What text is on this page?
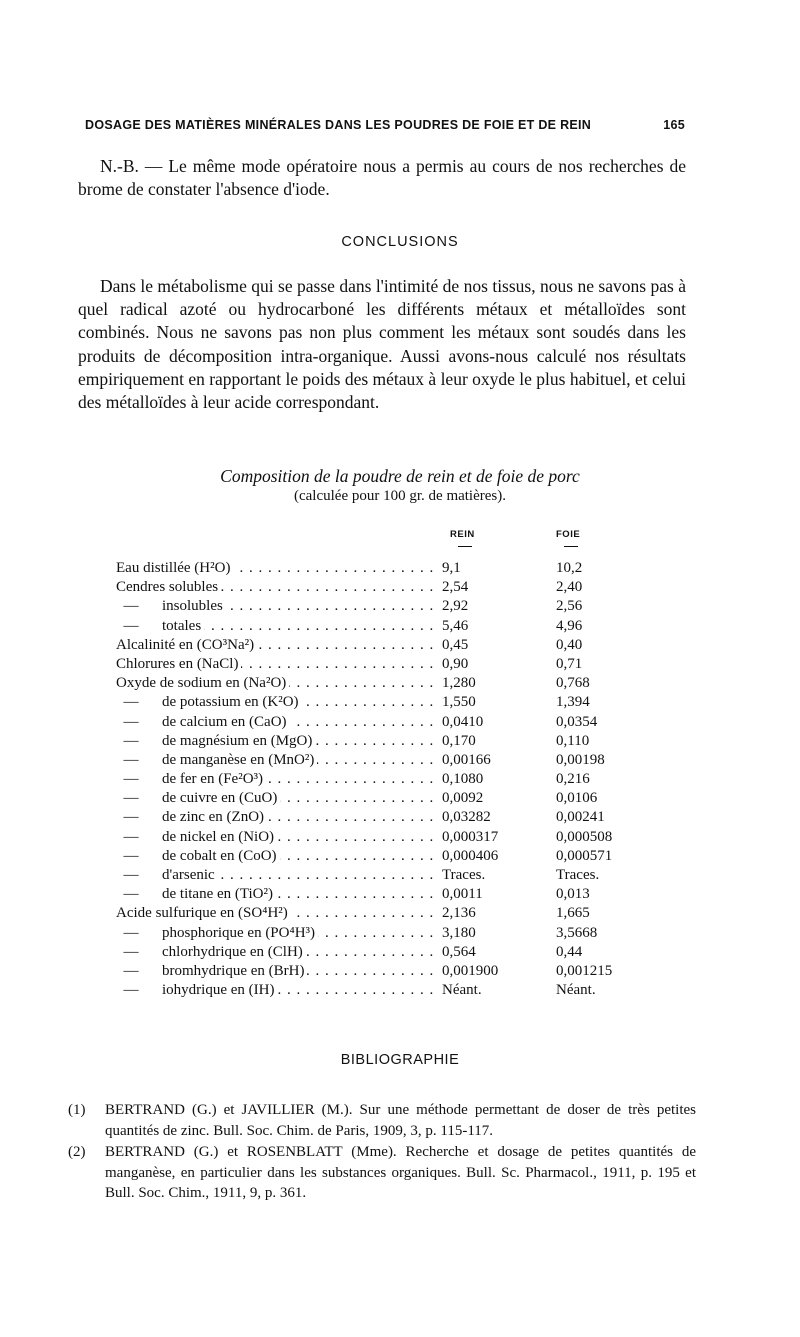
DOSAGE DES MATIÈRES MINÉRALES DANS LES POUDRES DE FOIE ET DE REIN	165
N.-B. — Le même mode opératoire nous a permis au cours de nos recherches de brome de constater l'absence d'iode.
CONCLUSIONS
Dans le métabolisme qui se passe dans l'intimité de nos tissus, nous ne savons pas à quel radical azoté ou hydrocarboné les différents métaux et métalloïdes sont combinés. Nous ne savons pas non plus comment les métaux sont soudés dans les produits de décomposition intra-organique. Aussi avons-nous calculé nos résultats empiriquement en rapportant le poids des métaux à leur oxyde le plus habituel, et celui des métalloïdes à leur acide correspondant.
Composition de la poudre de rein et de foie de porc
(calculée pour 100 gr. de matières).
REIN	FOIE
Eau distillée (H²O) . . .	9,1	10,2
Cendres solubles . . .	2,54	2,40
— insolubles . . .	2,92	2,56
— totales . . .	5,46	4,96
Alcalinité en (CO³Na²) . . .	0,45	0,40
Chlorures en (NaCl) . . .	0,90	0,71
Oxyde de sodium en (Na²O) . . .	1,280	0,768
— de potassium en (K²O) . . .	1,550	1,394
— de calcium en (CaO) . . .	0,0410	0,0354
— de magnésium en (MgO) . . .	0,170	0,110
— de manganèse en (MnO²) . . .	0,00166	0,00198
— de fer en (Fe²O³) . . .	0,1080	0,216
— de cuivre en (CuO) . . .	0,0092	0,0106
— de zinc en (ZnO) . . .	0,03282	0,00241
— de nickel en (NiO) . . .	0,000317	0,000508
— de cobalt en (CoO) . . .	0,000406	0,000571
— d'arsenic . . .	Traces.	Traces.
— de titane en (TiO²) . . .	0,0011	0,013
Acide sulfurique en (SO⁴H²) . . .	2,136	1,665
— phosphorique en (PO⁴H³) . . .	3,180	3,5668
— chlorhydrique en (ClH) . . .	0,564	0,44
— bromhydrique en (BrH) . . .	0,001900	0,001215
— iohydrique en (IH) . . .	Néant.	Néant.
BIBLIOGRAPHIE
(1) BERTRAND (G.) et JAVILLIER (M.). Sur une méthode permettant de doser de très petites quantités de zinc. Bull. Soc. Chim. de Paris, 1909, 3, p. 115-117.
(2) BERTRAND (G.) et ROSENBLATT (Mme). Recherche et dosage de petites quantités de manganèse, en particulier dans les substances organiques. Bull. Sc. Pharmacol., 1911, p. 195 et Bull. Soc. Chim., 1911, 9, p. 361.
